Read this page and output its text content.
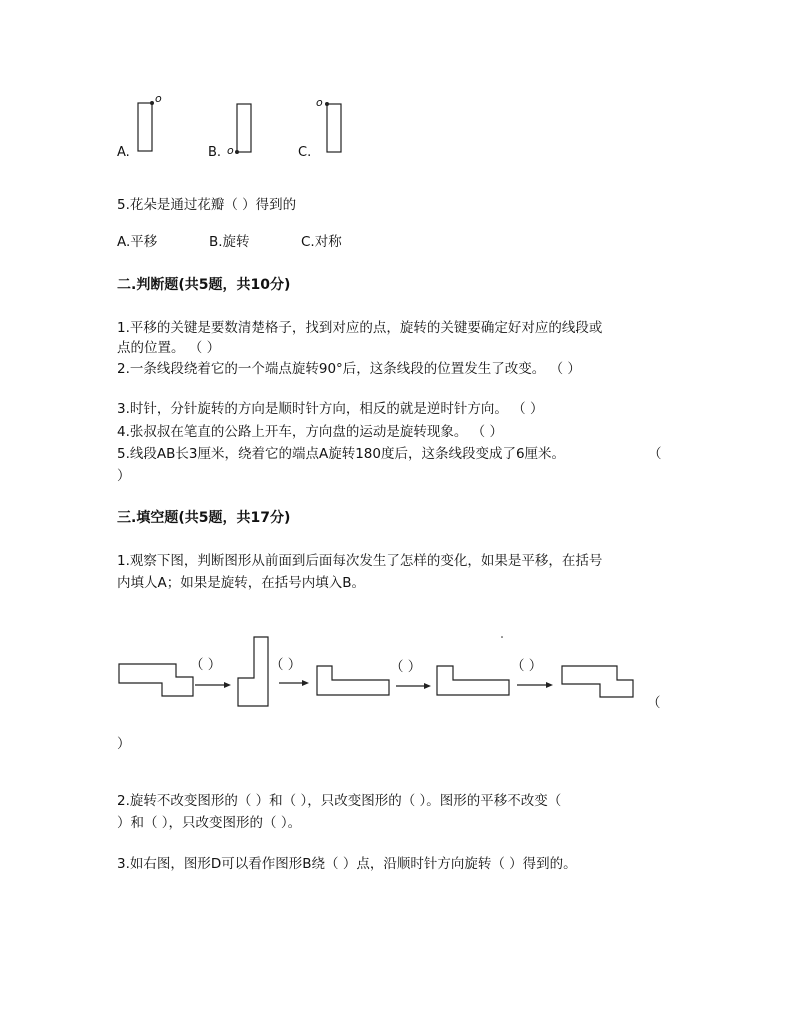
A.
o
B. o	C.
o
5.花朵是通过花瓣（ ）得到的
A.平移	B.旋转	C.对称
二.判断题(共5题，共10分)
1.平移的关键是要数清楚格子，找到对应的点，旋转的关键要确定好对应的线段或
点的位置。 （ ）
2.一条线段绕着它的一个端点旋转90°后，这条线段的位置发生了改变。 （ ）
3.时针，分针旋转的方向是顺时针方向，相反的就是逆时针方向。 （ ）
4.张叔叔在笔直的公路上开车，方向盘的运动是旋转现象。 （ ）
5.线段AB长3厘米，绕着它的端点A旋转180度后，这条线段变成了6厘米。	（
）
三.填空题(共5题，共17分)
1.观察下图，判断图形从前面到后面每次发生了怎样的变化，如果是平移，在括号
内填人A；如果是旋转，在括号内填入B。
（ ）	（ ）	（ ）	（ ）
（
）
2.旋转不改变图形的（ ）和（ ），只改变图形的（ ）。图形的平移不改变（
）和（ ），只改变图形的（ ）。
3.如右图，图形D可以看作图形B绕（ ）点，沿顺时针方向旋转（ ）得到的。
